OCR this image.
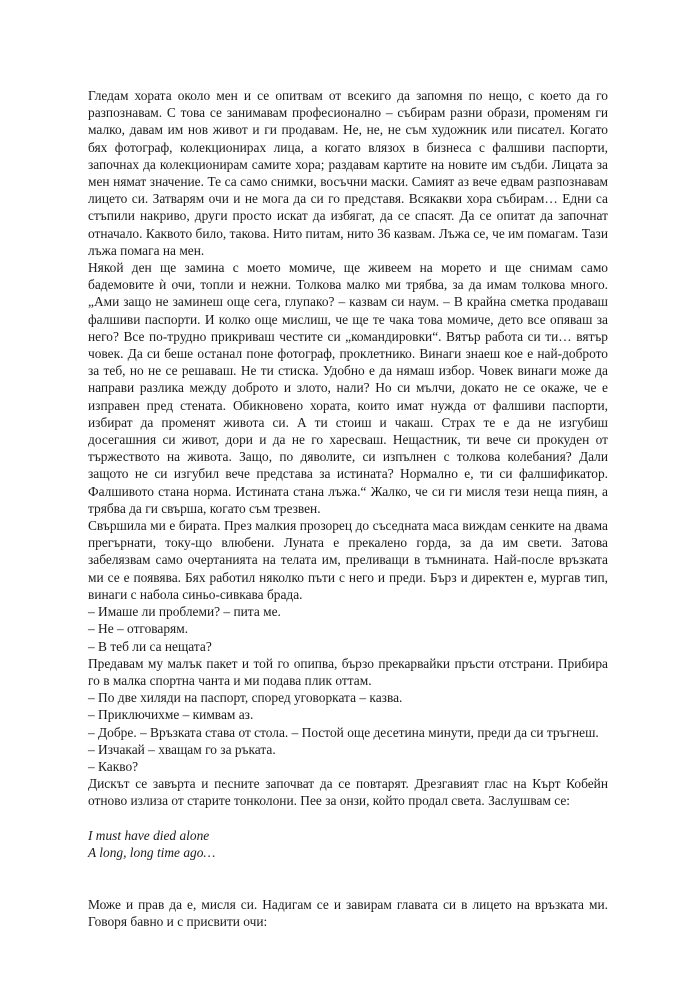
Гледам хората около мен и се опитвам от всекиго да запомня по нещо, с което да го разпознавам. С това се занимавам професионално – събирам разни образи, променям ги малко, давам им нов живот и ги продавам. Не, не, не съм художник или писател. Когато бях фотограф, колекционирах лица, а когато влязох в бизнеса с фалшиви паспорти, започнах да колекционирам самите хора; раздавам картите на новите им съдби. Лицата за мен нямат значение. Те са само снимки, восъчни маски. Самият аз вече едвам разпознавам лицето си. Затварям очи и не мога да си го представя. Всякакви хора събирам… Едни са стъпили накриво, други просто искат да избягат, да се спасят. Да се опитат да започнат отначало. Каквото било, такова. Нито питам, нито 36 казвам. Лъжа се, че им помагам. Тази лъжа помага на мен.

Някой ден ще замина с моето момиче, ще живеем на морето и ще снимам само бадемовите ѝ очи, топли и нежни. Толкова малко ми трябва, за да имам толкова много. „Ами защо не заминеш още сега, глупако? – казвам си наум. – В крайна сметка продаваш фалшиви паспорти. И колко още мислиш, че ще те чака това момиче, дето все опяваш за него? Все по-трудно прикриваш честите си „командировки“. Вятър работа си ти… вятър човек. Да си беше останал поне фотограф, проклетнико. Винаги знаеш кое е най-доброто за теб, но не се решаваш. Не ти стиска. Удобно е да нямаш избор. Човек винаги може да направи разлика между доброто и злото, нали? Но си мълчи, докато не се окаже, че е изправен пред стената. Обикновено хората, които имат нужда от фалшиви паспорти, избират да променят живота си. А ти стоиш и чакаш. Страх те е да не изгубиш досегашния си живот, дори и да не го харесваш. Нещастник, ти вече си прокуден от тържеството на живота. Защо, по дяволите, си изпълнен с толкова колебания? Дали защото не си изгубил вече представа за истината? Нормално е, ти си фалшификатор. Фалшивото стана норма. Истината стана лъжа.“ Жалко, че си ги мисля тези неща пиян, а трябва да ги свърша, когато съм трезвен.

Свършила ми е бирата. През малкия прозорец до съседната маса виждам сенките на двама прегърнати, току-що влюбени. Луната е прекалено горда, за да им свети. Затова забелязвам само очертанията на телата им, преливащи в тъмнината. Най-после връзката ми се е появява. Бях работил няколко пъти с него и преди. Бърз и директен е, мургав тип, винаги с набола синьо-сивкава брада.

– Имаше ли проблеми? – пита ме.

– Не – отговарям.

– В теб ли са нещата?

Предавам му малък пакет и той го опипва, бързо прекарвайки пръсти отстрани. Прибира го в малка спортна чанта и ми подава плик оттам.

– По две хиляди на паспорт, според уговорката – казва.

– Приключихме – кимвам аз.

– Добре. – Връзката става от стола. – Постой още десетина минути, преди да си тръгнеш.

– Изчакай – хващам го за ръката.

– Какво?

Дискът се завърта и песните започват да се повтарят. Дрезгавият глас на Кърт Кобейн отново излиза от старите тонколони. Пее за онзи, който продал света. Заслушвам се:

I must have died alone

A long, long time ago…

Може и прав да е, мисля си. Надигам се и завирам главата си в лицето на връзката ми. Говоря бавно и с присвити очи:
